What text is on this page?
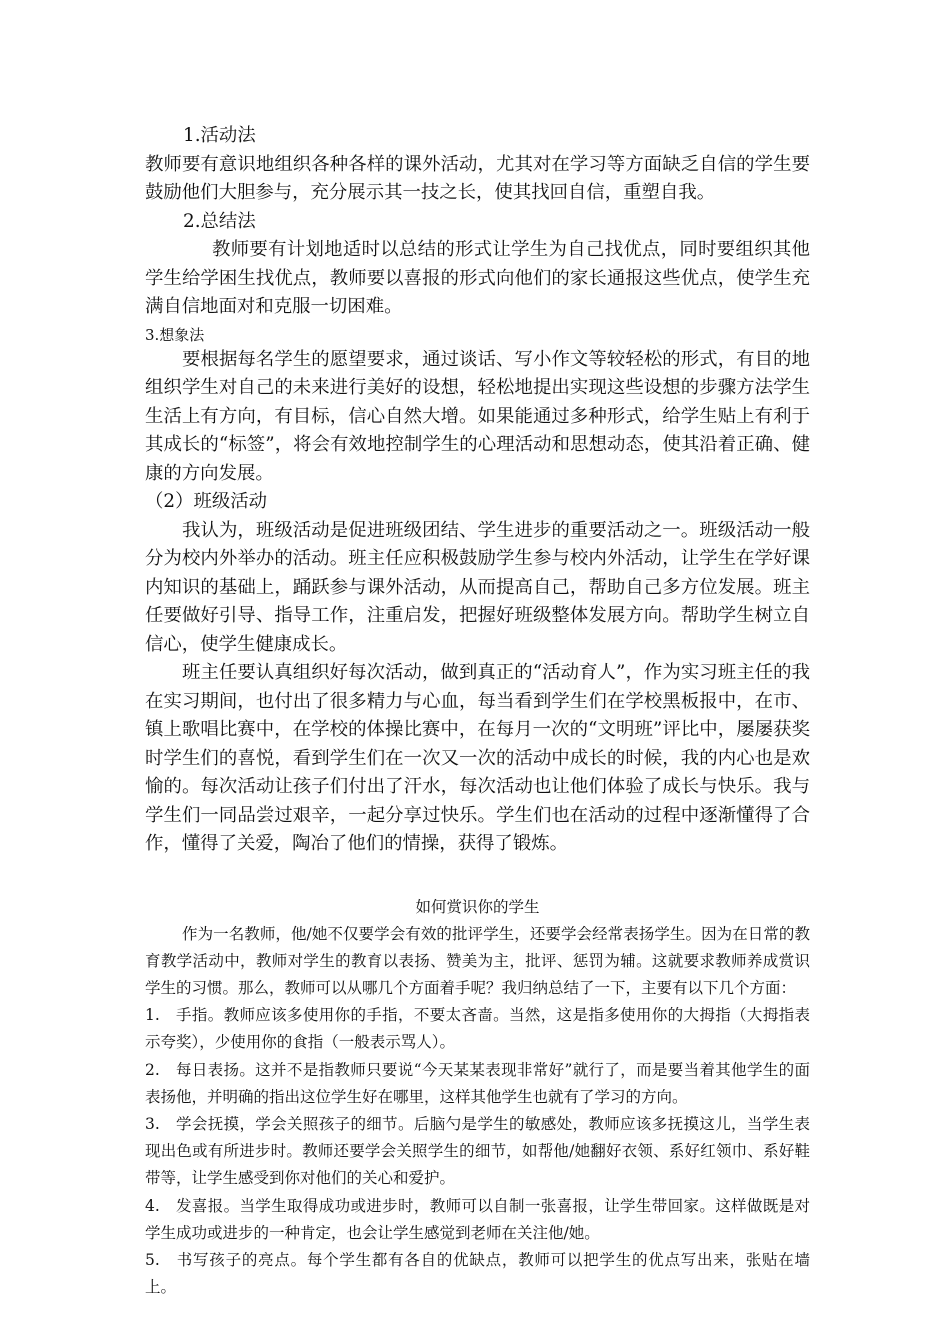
1.活动法

教师要有意识地组织各种各样的课外活动，尤其对在学习等方面缺乏自信的学生要鼓励他们大胆参与，充分展示其一技之长，使其找回自信，重塑自我。

2.总结法

教师要有计划地适时以总结的形式让学生为自己找优点，同时要组织其他学生给学困生找优点，教师要以喜报的形式向他们的家长通报这些优点，使学生充满自信地面对和克服一切困难。

3.想象法

要根据每名学生的愿望要求，通过谈话、写小作文等较轻松的形式，有目的地组织学生对自己的未来进行美好的设想，轻松地提出实现这些设想的步骤方法学生生活上有方向，有目标，信心自然大增。如果能通过多种形式，给学生贴上有利于其成长的“标签”，将会有效地控制学生的心理活动和思想动态，使其沿着正确、健康的方向发展。

（2）班级活动

我认为，班级活动是促进班级团结、学生进步的重要活动之一。班级活动一般分为校内外举办的活动。班主任应积极鼓励学生参与校内外活动，让学生在学好课内知识的基础上，踊跃参与课外活动，从而提高自己，帮助自己多方位发展。班主任要做好引导、指导工作，注重启发，把握好班级整体发展方向。帮助学生树立自信心，使学生健康成长。

班主任要认真组织好每次活动，做到真正的“活动育人”，作为实习班主任的我在实习期间，也付出了很多精力与心血，每当看到学生们在学校黑板报中，在市、镇上歌唱比赛中，在学校的体操比赛中，在每月一次的“文明班”评比中，屡屡获奖时学生们的喜悦，看到学生们在一次又一次的活动中成长的时候，我的内心也是欢愉的。每次活动让孩子们付出了汗水，每次活动也让他们体验了成长与快乐。我与学生们一同品尝过艰辛，一起分享过快乐。学生们也在活动的过程中逐渐懂得了合作，懂得了关爱，陶冶了他们的情操，获得了锻炼。

如何赏识你的学生

作为一名教师，他/她不仅要学会有效的批评学生，还要学会经常表扬学生。因为在日常的教育教学活动中，教师对学生的教育以表扬、赞美为主，批评、惩罚为辅。这就要求教师养成赏识学生的习惯。那么，教师可以从哪几个方面着手呢？我归纳总结了一下，主要有以下几个方面：

1.　手指。教师应该多使用你的手指，不要太吝啬。当然，这是指多使用你的大拇指（大拇指表示夸奖），少使用你的食指（一般表示骂人）。

2.　每日表扬。这并不是指教师只要说“今天某某表现非常好”就行了，而是要当着其他学生的面表扬他，并明确的指出这位学生好在哪里，这样其他学生也就有了学习的方向。

3.　学会抚摸，学会关照孩子的细节。后脑勺是学生的敏感处，教师应该多抚摸这儿，当学生表现出色或有所进步时。教师还要学会关照学生的细节，如帮他/她翻好衣领、系好红领巾、系好鞋带等，让学生感受到你对他们的关心和爱护。

4.　发喜报。当学生取得成功或进步时，教师可以自制一张喜报，让学生带回家。这样做既是对学生成功或进步的一种肯定，也会让学生感觉到老师在关注他/她。

5.　书写孩子的亮点。每个学生都有各自的优缺点，教师可以把学生的优点写出来，张贴在墙上。
